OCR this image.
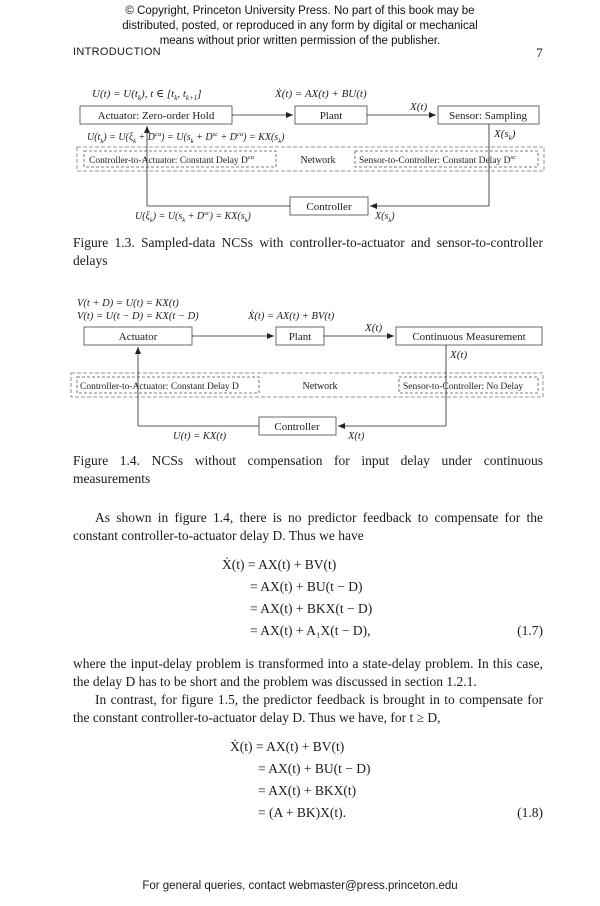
© Copyright, Princeton University Press. No part of this book may be
distributed, posted, or reproduced in any form by digital or mechanical
means without prior written permission of the publisher.
INTRODUCTION	7
$U(t) = U(t_k)$, t ∈ [$t_k$, $t_{k+1}$]	Ẋ(t) = AX(t) + BU(t)
Actuator: Zero-order Hold	Plant	Sensor: Sampling
X(t)
$X(s_k)$
$U(t_k) = U(\xi_k + D^{ca}) = U(s_k + D^{sc} + D^{ca}) = KX(s_k)$
Controller-to-Actuator: Constant Delay $D^{ca}$	Network Sensor-to-Controller: Constant Delay $D^{sc}$
Controller
$U(\xi_k) = U(s_k + D^{sc}) = KX(s_k)$	$X(s_k)$
Figure 1.3. Sampled-data NCSs with controller-to-actuator and sensor-to-controller delays
V(t + D) = U(t) = KX(t)
V(t) = U(t − D) = KX(t − D)	Ẋ(t) = AX(t) + BV(t)
Actuator	Plant	Continuous Measurement
X(t)
X(t)
Controller-to-Actuator: Constant Delay D	Network	Sensor-to-Controller: No Delay
Controller
U(t) = KX(t)	X(t)
Figure 1.4. NCSs without compensation for input delay under continuous measurements
As shown in figure 1.4, there is no predictor feedback to compensate for the constant controller-to-actuator delay D. Thus we have
Ẋ(t) = AX(t) + BV(t)
= AX(t) + BU(t − D)
= AX(t) + BKX(t − D)
= AX(t) + A₁X(t − D),	(1.7)
where the input-delay problem is transformed into a state-delay problem. In this case, the delay D has to be short and the problem was discussed in section 1.2.1.
In contrast, for figure 1.5, the predictor feedback is brought in to compensate for the constant controller-to-actuator delay D. Thus we have, for t ≥ D,
Ẋ(t) = AX(t) + BV(t)
= AX(t) + BU(t − D)
= AX(t) + BKX(t)
= (A + BK)X(t).	(1.8)
For general queries, contact webmaster@press.princeton.edu
